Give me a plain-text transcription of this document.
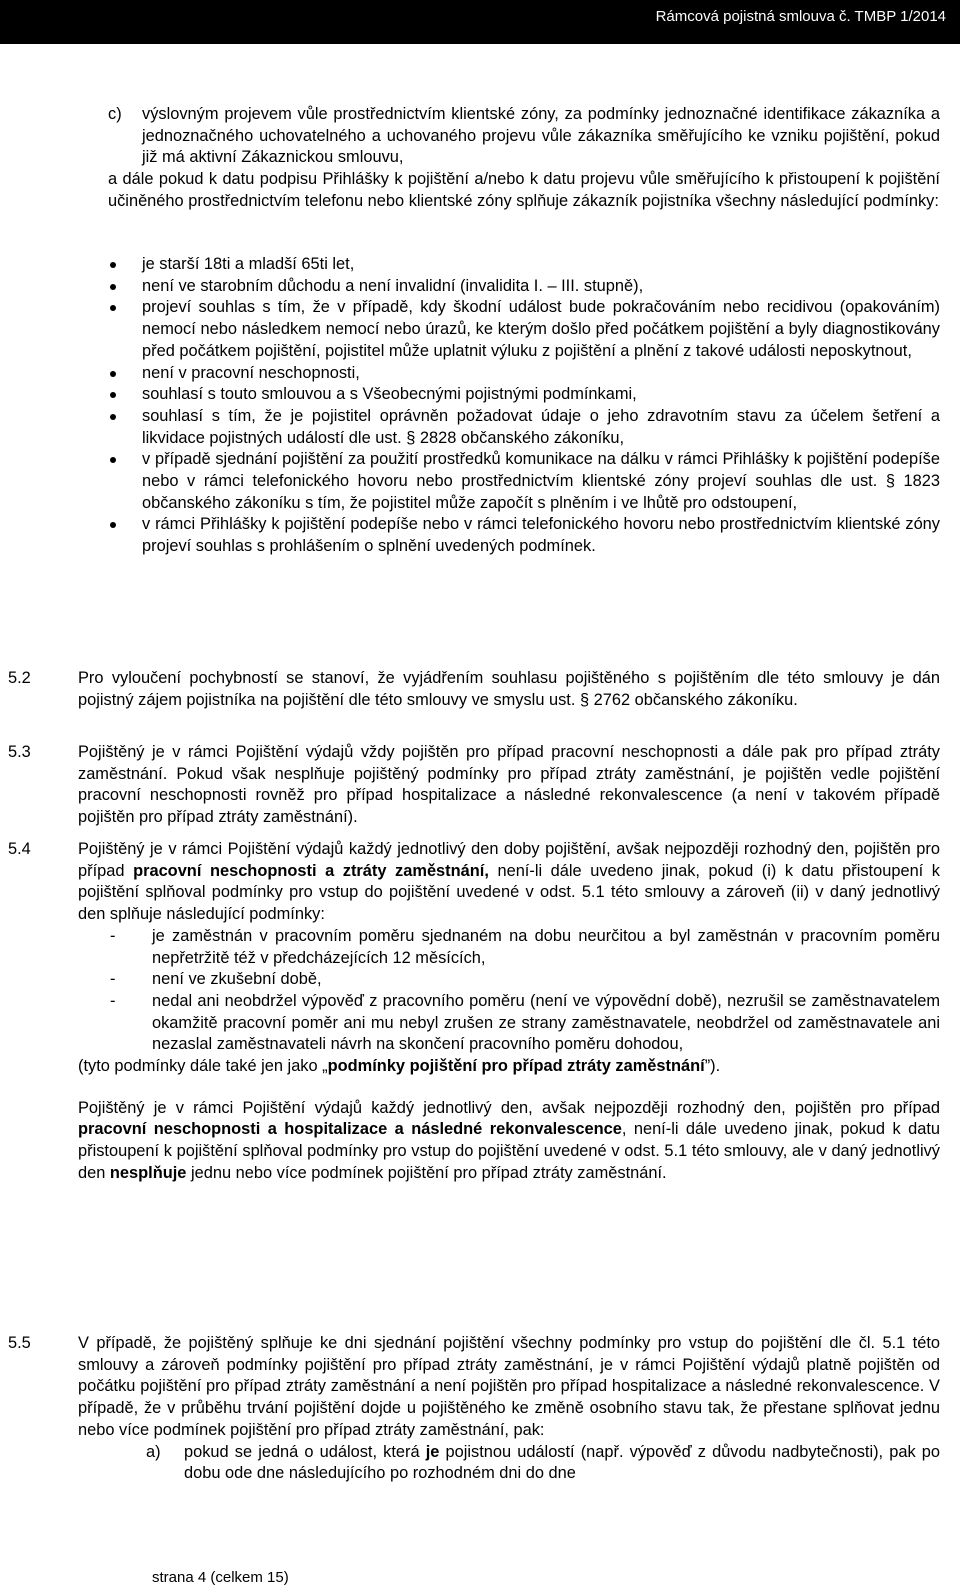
Rámcová pojistná smlouva č. TMBP 1/2014
c) výslovným projevem vůle prostřednictvím klientské zóny, za podmínky jednoznačné identifikace zákazníka a jednoznačného uchovatelného a uchovaného projevu vůle zákazníka směřujícího ke vzniku pojištění, pokud již má aktivní Zákaznickou smlouvu,
a dále pokud k datu podpisu Přihlášky k pojištění a/nebo k datu projevu vůle směřujícího k přistoupení k pojištění učiněného prostřednictvím telefonu nebo klientské zóny splňuje zákazník pojistníka všechny následující podmínky:
je starší 18ti a mladší 65ti let,
není ve starobním důchodu a není invalidní (invalidita I. – III. stupně),
projeví souhlas s tím, že v případě, kdy škodní událost bude pokračováním nebo recidivou (opakováním) nemocí nebo následkem nemocí nebo úrazů, ke kterým došlo před počátkem pojištění a byly diagnostikovány před počátkem pojištění, pojistitel může uplatnit výluku z pojištění a plnění z takové události neposkytnout,
není v pracovní neschopnosti,
souhlasí s touto smlouvou a s Všeobecnými pojistnými podmínkami,
souhlasí s tím, že je pojistitel oprávněn požadovat údaje o jeho zdravotním stavu za účelem šetření a likvidace pojistných událostí dle ust. § 2828 občanského zákoníku,
v případě sjednání pojištění za použití prostředků komunikace na dálku v rámci Přihlášky k pojištění podepíše nebo v rámci telefonického hovoru nebo prostřednictvím klientské zóny projeví souhlas dle ust. § 1823 občanského zákoníku s tím, že pojistitel může započít s plněním i ve lhůtě pro odstoupení,
v rámci Přihlášky k pojištění podepíše nebo v rámci telefonického hovoru nebo prostřednictvím klientské zóny projeví souhlas s prohlášením o splnění uvedených podmínek.
5.2	Pro vyloučení pochybností se stanoví, že vyjádřením souhlasu pojištěného s pojištěním dle této smlouvy je dán pojistný zájem pojistníka na pojištění dle této smlouvy ve smyslu ust. § 2762 občanského zákoníku.
5.3	Pojištěný je v rámci Pojištění výdajů vždy pojištěn pro případ pracovní neschopnosti a dále pak pro případ ztráty zaměstnání. Pokud však nesplňuje pojištěný podmínky pro případ ztráty zaměstnání, je pojištěn vedle pojištění pracovní neschopnosti rovněž pro případ hospitalizace a následné rekonvalescence (a není v takovém případě pojištěn pro případ ztráty zaměstnání).
5.4	Pojištěný je v rámci Pojištění výdajů každý jednotlivý den doby pojištění, avšak nejpozději rozhodný den, pojištěn pro případ pracovní neschopnosti a ztráty zaměstnání, není-li dále uvedeno jinak, pokud (i) k datu přistoupení k pojištění splňoval podmínky pro vstup do pojištění uvedené v odst. 5.1 této smlouvy a zároveň (ii) v daný jednotlivý den splňuje následující podmínky:
- je zaměstnán v pracovním poměru sjednaném na dobu neurčitou a byl zaměstnán v pracovním poměru nepřetržitě též v předcházejících 12 měsících,
- není ve zkušební době,
- nedal ani neobdržel výpověď z pracovního poměru (není ve výpovědní době), nezrušil se zaměstnavatelem okamžitě pracovní poměr ani mu nebyl zrušen ze strany zaměstnavatele, neobdržel od zaměstnavatele ani nezaslal zaměstnavateli návrh na skončení pracovního poměru dohodou,
(tyto podmínky dále také jen jako „podmínky pojištění pro případ ztráty zaměstnání”).
Pojištěný je v rámci Pojištění výdajů každý jednotlivý den, avšak nejpozději rozhodný den, pojištěn pro případ pracovní neschopnosti a hospitalizace a následné rekonvalescence, není-li dále uvedeno jinak, pokud k datu přistoupení k pojištění splňoval podmínky pro vstup do pojištění uvedené v odst. 5.1 této smlouvy, ale v daný jednotlivý den nesplňuje jednu nebo více podmínek pojištění pro případ ztráty zaměstnání.
5.5	V případě, že pojištěný splňuje ke dni sjednání pojištění všechny podmínky pro vstup do pojištění dle čl. 5.1 této smlouvy a zároveň podmínky pojištění pro případ ztráty zaměstnání, je v rámci Pojištění výdajů platně pojištěn od počátku pojištění pro případ ztráty zaměstnání a není pojištěn pro případ hospitalizace a následné rekonvalescence. V případě, že v průběhu trvání pojištění dojde u pojištěného ke změně osobního stavu tak, že přestane splňovat jednu nebo více podmínek pojištění pro případ ztráty zaměstnání, pak:
a) pokud se jedná o událost, která je pojistnou událostí (např. výpověď z důvodu nadbytečnosti), pak po dobu ode dne následujícího po rozhodném dni do dne
strana 4 (celkem 15)
